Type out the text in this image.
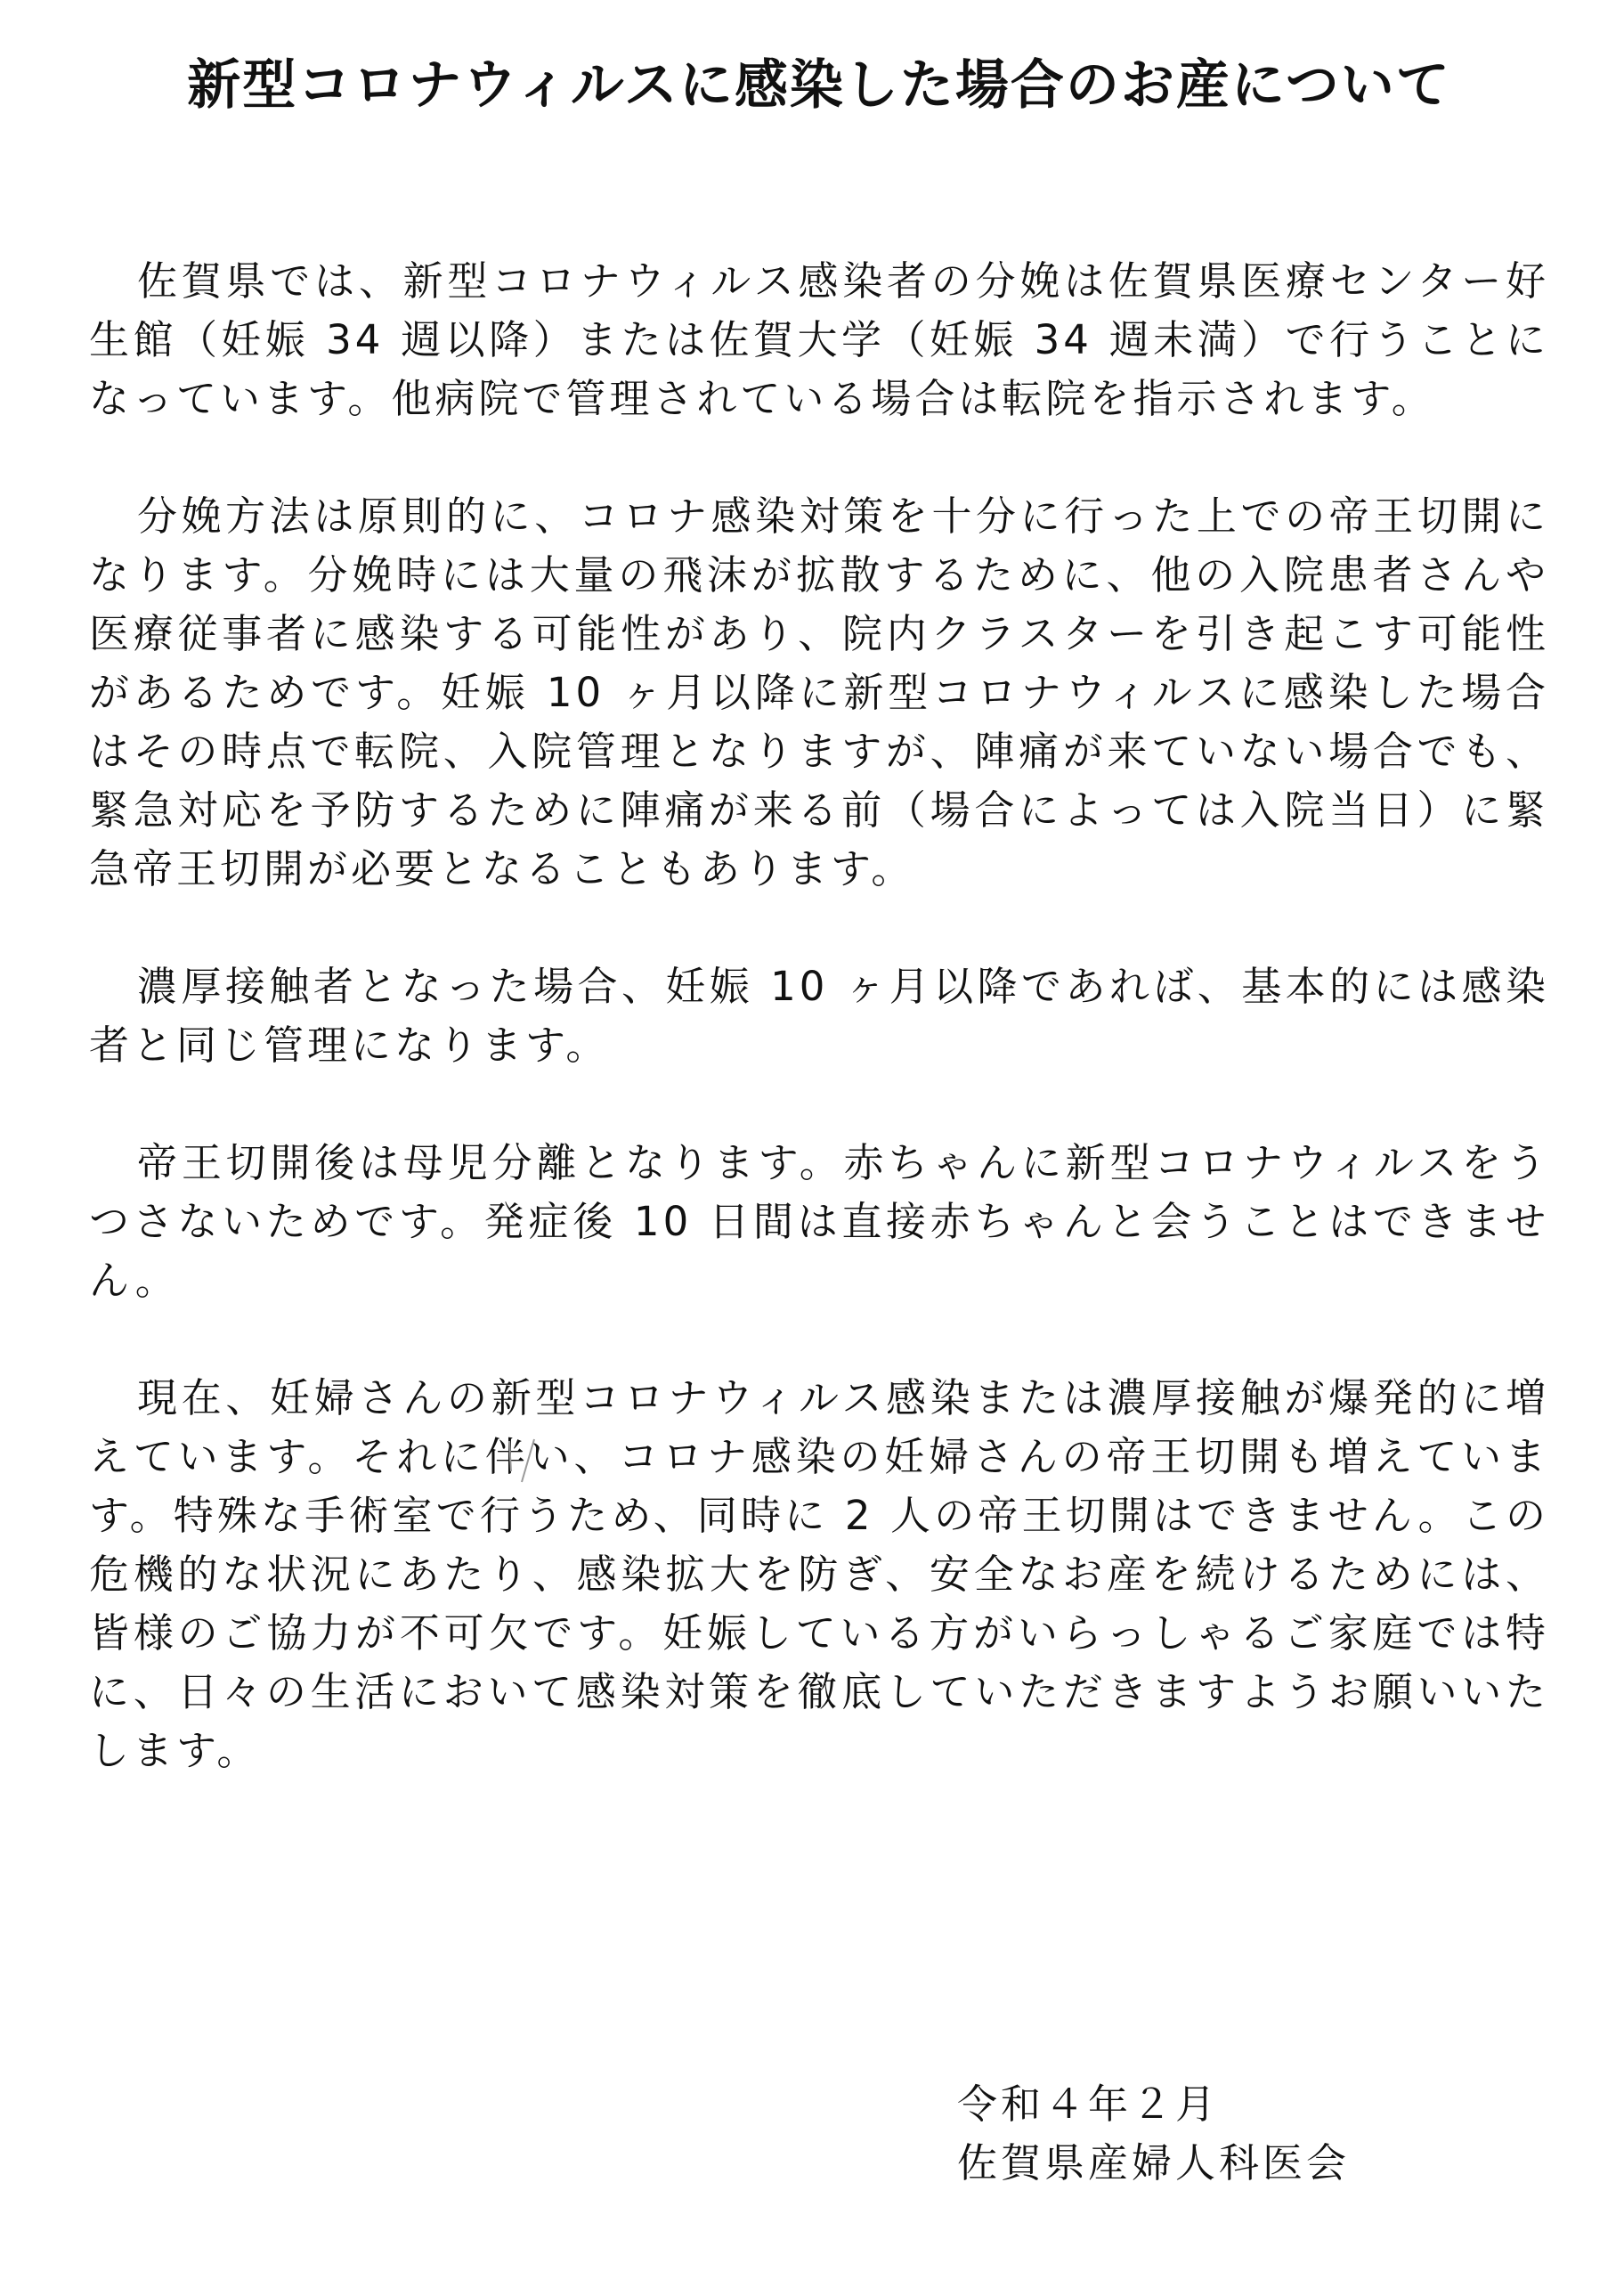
新型コロナウィルスに感染した場合のお産について

佐賀県では、新型コロナウィルス感染者の分娩は佐賀県医療センター好生館（妊娠 34 週以降）または佐賀大学（妊娠 34 週未満）で行うことになっています。他病院で管理されている場合は転院を指示されます。

分娩方法は原則的に、コロナ感染対策を十分に行った上での帝王切開になります。分娩時には大量の飛沫が拡散するために、他の入院患者さんや医療従事者に感染する可能性があり、院内クラスターを引き起こす可能性があるためです。妊娠 10 ヶ月以降に新型コロナウィルスに感染した場合はその時点で転院、入院管理となりますが、陣痛が来ていない場合でも、緊急対応を予防するために陣痛が来る前（場合によっては入院当日）に緊急帝王切開が必要となることもあります。

濃厚接触者となった場合、妊娠 10 ヶ月以降であれば、基本的には感染者と同じ管理になります。

帝王切開後は母児分離となります。赤ちゃんに新型コロナウィルスをうつさないためです。発症後 10 日間は直接赤ちゃんと会うことはできません。

現在、妊婦さんの新型コロナウィルス感染または濃厚接触が爆発的に増えています。それに伴い、コロナ感染の妊婦さんの帝王切開も増えています。特殊な手術室で行うため、同時に 2 人の帝王切開はできません。この危機的な状況にあたり、感染拡大を防ぎ、安全なお産を続けるためには、皆様のご協力が不可欠です。妊娠している方がいらっしゃるご家庭では特に、日々の生活において感染対策を徹底していただきますようお願いいたします。

令和４年２月
佐賀県産婦人科医会
